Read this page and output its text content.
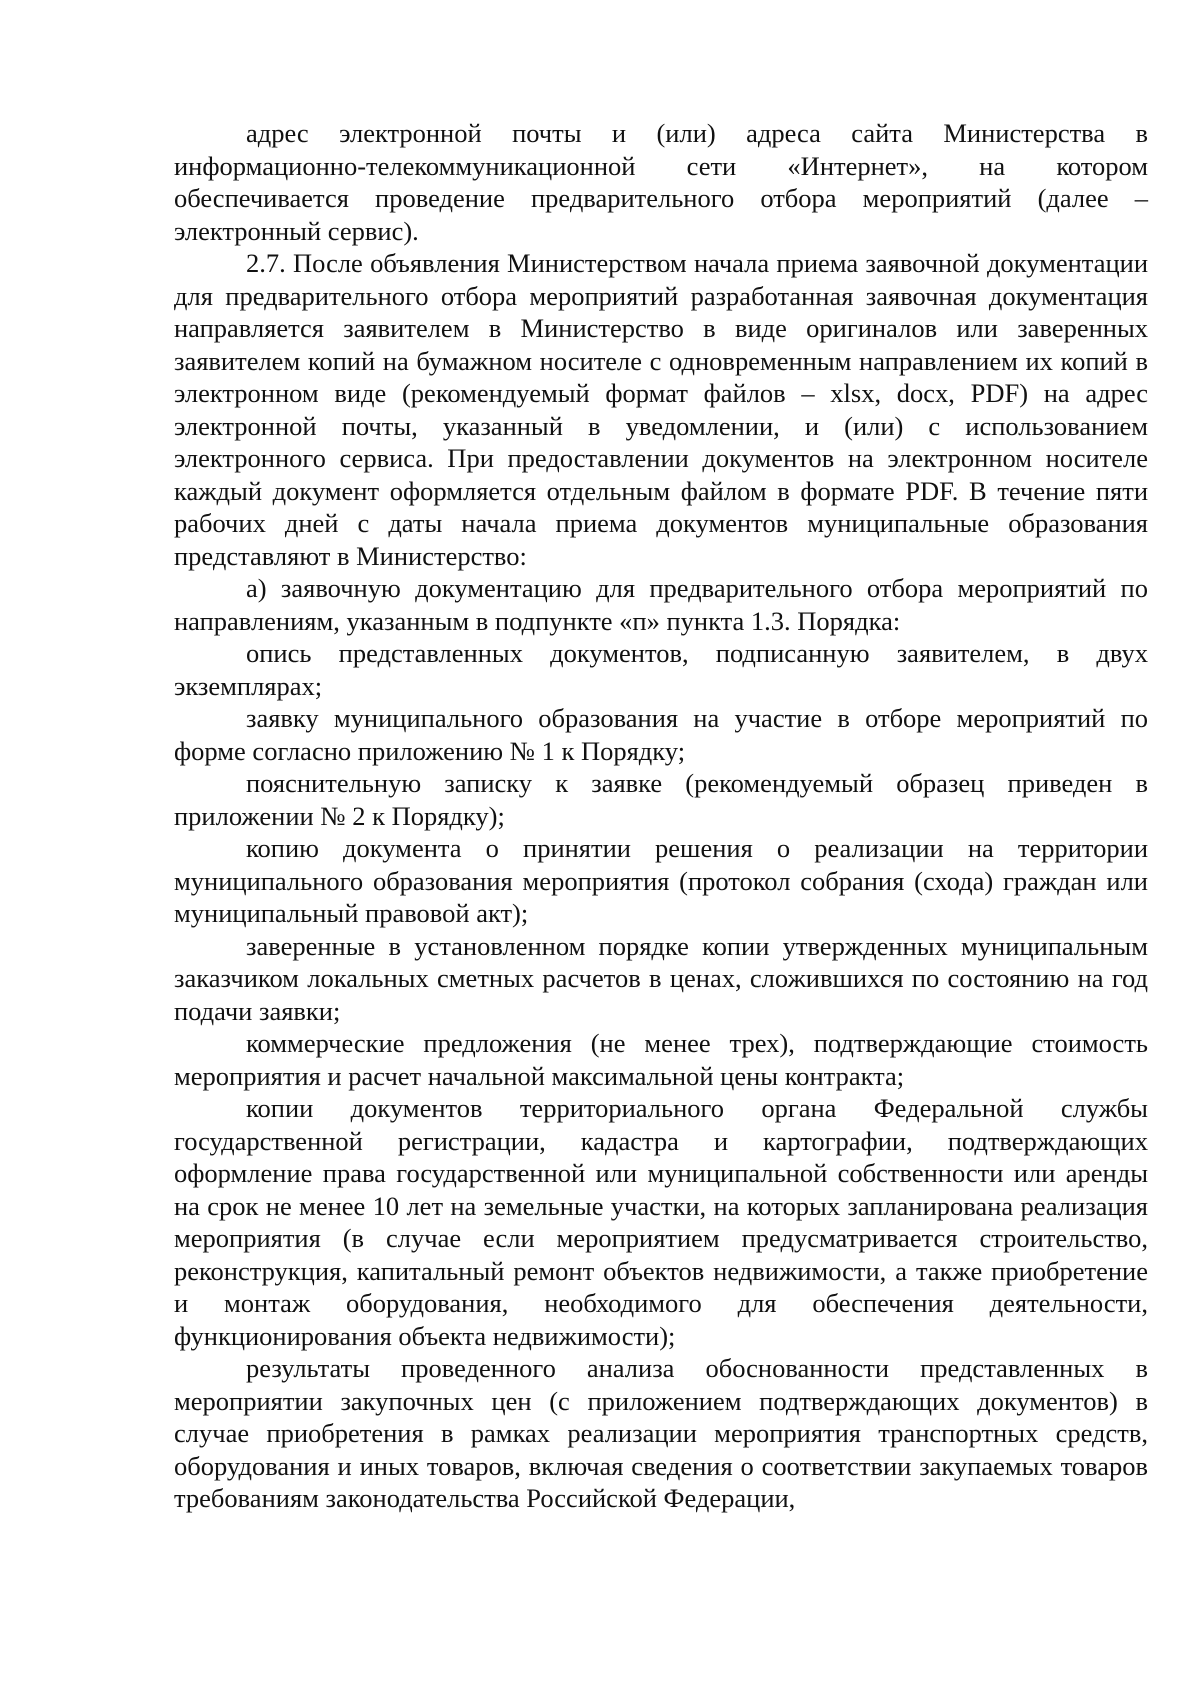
адрес электронной почты и (или) адреса сайта Министерства в информационно-телекоммуникационной сети «Интернет», на котором обеспечивается проведение предварительного отбора мероприятий (далее – электронный сервис).

2.7. После объявления Министерством начала приема заявочной документации для предварительного отбора мероприятий разработанная заявочная документация направляется заявителем в Министерство в виде оригиналов или заверенных заявителем копий на бумажном носителе с одновременным направлением их копий в электронном виде (рекомендуемый формат файлов – xlsx, docx, PDF) на адрес электронной почты, указанный в уведомлении, и (или) с использованием электронного сервиса. При предоставлении документов на электронном носителе каждый документ оформляется отдельным файлом в формате PDF. В течение пяти рабочих дней с даты начала приема документов муниципальные образования представляют в Министерство:

а) заявочную документацию для предварительного отбора мероприятий по направлениям, указанным в подпункте «п» пункта 1.3. Порядка:

опись представленных документов, подписанную заявителем, в двух экземплярах;

заявку муниципального образования на участие в отборе мероприятий по форме согласно приложению № 1 к Порядку;

пояснительную записку к заявке (рекомендуемый образец приведен в приложении № 2 к Порядку);

копию документа о принятии решения о реализации на территории муниципального образования мероприятия (протокол собрания (схода) граждан или муниципальный правовой акт);

заверенные в установленном порядке копии утвержденных муниципальным заказчиком локальных сметных расчетов в ценах, сложившихся по состоянию на год подачи заявки;

коммерческие предложения (не менее трех), подтверждающие стоимость мероприятия и расчет начальной максимальной цены контракта;

копии документов территориального органа Федеральной службы государственной регистрации, кадастра и картографии, подтверждающих оформление права государственной или муниципальной собственности или аренды на срок не менее 10 лет на земельные участки, на которых запланирована реализация мероприятия (в случае если мероприятием предусматривается строительство, реконструкция, капитальный ремонт объектов недвижимости, а также приобретение и монтаж оборудования, необходимого для обеспечения деятельности, функционирования объекта недвижимости);

результаты проведенного анализа обоснованности представленных в мероприятии закупочных цен (с приложением подтверждающих документов) в случае приобретения в рамках реализации мероприятия транспортных средств, оборудования и иных товаров, включая сведения о соответствии закупаемых товаров требованиям законодательства Российской Федерации,
